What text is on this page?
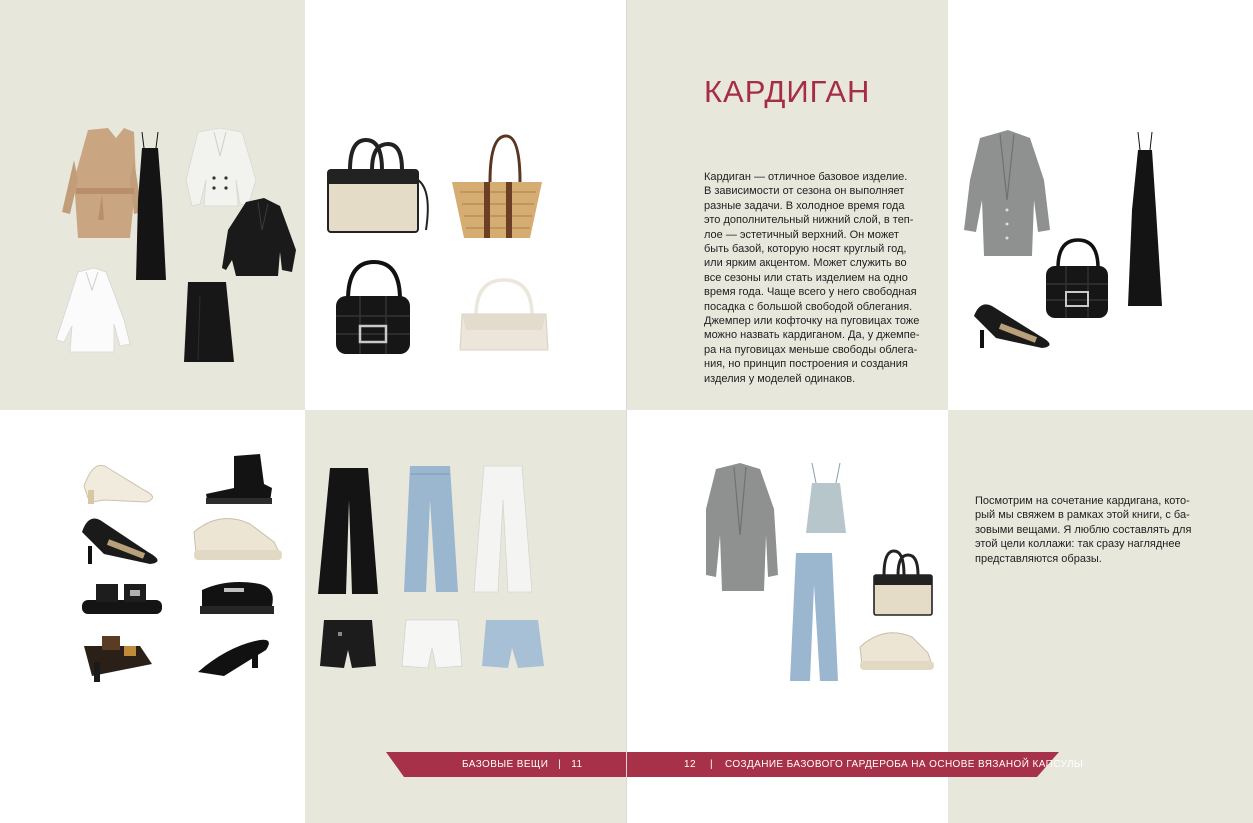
БАЗОВЫЕ ВЕЩИ | 11
КАРДИГАН
Кардиган — отличное базовое изделие.
В зависимости от сезона он выполняет
разные задачи. В холодное время года
это дополнительный нижний слой, в теп-
лое — эстетичный верхний. Он может
быть базой, которую носят круглый год,
или ярким акцентом. Может служить во
все сезоны или стать изделием на одно
время года. Чаще всего у него свободная
посадка с большой свободой облегания.
Джемпер или кофточку на пуговицах тоже
можно назвать кардиганом. Да, у джемпе-
ра на пуговицах меньше свободы облега-
ния, но принцип построения и создания
изделия у моделей одинаков.
Посмотрим на сочетание кардигана, кото-
рый мы свяжем в рамках этой книги, с ба-
зовыми вещами. Я люблю составлять для
этой цели коллажи: так сразу нагляднее
представляются образы.
12 | СОЗДАНИЕ БАЗОВОГО ГАРДЕРОБА НА ОСНОВЕ ВЯЗАНОЙ КАПСУЛЫ
